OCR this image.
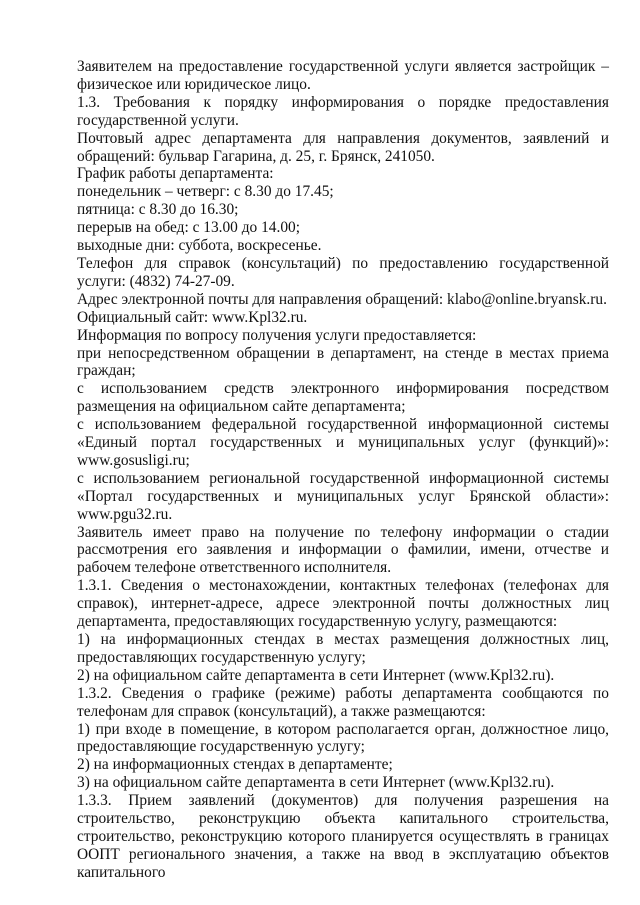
Заявителем на предоставление государственной услуги является застройщик – физическое или юридическое лицо.

1.3. Требования к порядку информирования о порядке предоставления государственной услуги.

Почтовый адрес департамента для направления документов, заявлений и обращений: бульвар Гагарина, д. 25, г. Брянск, 241050.

График работы департамента:

понедельник – четверг: с 8.30 до 17.45;

пятница: с 8.30 до 16.30;

перерыв на обед: с 13.00 до 14.00;

выходные дни: суббота, воскресенье.

Телефон для справок (консультаций) по предоставлению государственной услуги: (4832) 74-27-09.

Адрес электронной почты для направления обращений: klabo@online.bryansk.ru.

Официальный сайт: www.Kpl32.ru.

Информация по вопросу получения услуги предоставляется:

при непосредственном обращении в департамент, на стенде в местах приема граждан;

с использованием средств электронного информирования посредством размещения на официальном сайте департамента;

с использованием федеральной государственной информационной системы «Единый портал государственных и муниципальных услуг (функций)»: www.gosusligi.ru;

с использованием региональной государственной информационной системы «Портал государственных и муниципальных услуг Брянской области»: www.pgu32.ru.

Заявитель имеет право на получение по телефону информации о стадии рассмотрения его заявления и информации о фамилии, имени, отчестве и рабочем телефоне ответственного исполнителя.

1.3.1. Сведения о местонахождении, контактных телефонах (телефонах для справок), интернет-адресе, адресе электронной почты должностных лиц департамента, предоставляющих государственную услугу, размещаются:

1) на информационных стендах в местах размещения должностных лиц, предоставляющих государственную услугу;

2) на официальном сайте департамента в сети Интернет (www.Kpl32.ru).

1.3.2. Сведения о графике (режиме) работы департамента сообщаются по телефонам для справок (консультаций), а также размещаются:

1) при входе в помещение, в котором располагается орган, должностное лицо, предоставляющие государственную услугу;

2) на информационных стендах в департаменте;

3) на официальном сайте департамента в сети Интернет (www.Kpl32.ru).

1.3.3. Прием заявлений (документов) для получения разрешения на строительство, реконструкцию объекта капитального строительства, строительство, реконструкцию которого планируется осуществлять в границах ООПТ регионального значения, а также на ввод в эксплуатацию объектов капитального
